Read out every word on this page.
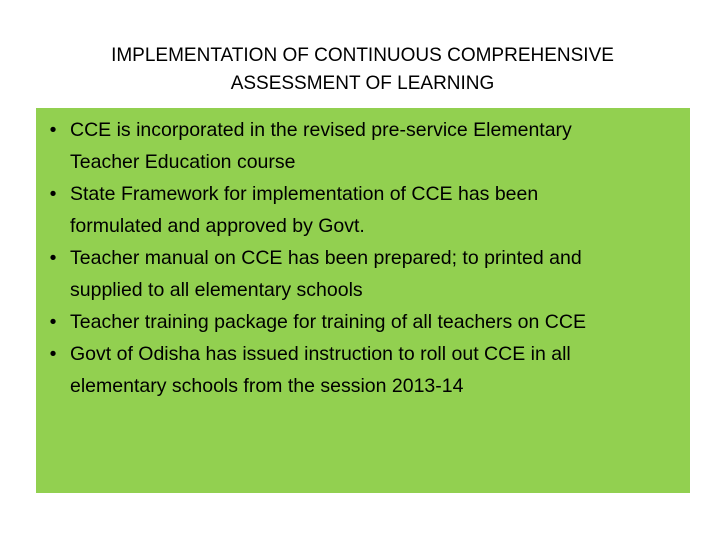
IMPLEMENTATION OF CONTINUOUS COMPREHENSIVE
ASSESSMENT OF LEARNING
• CCE is incorporated in the revised pre-service Elementary
Teacher Education course
• State Framework for implementation of CCE has been
formulated and approved by Govt.
• Teacher manual on CCE has been prepared; to printed and
supplied to all elementary schools
• Teacher training package for training of all teachers on CCE
• Govt of Odisha has issued instruction to roll out CCE in all
elementary schools from the session 2013-14
